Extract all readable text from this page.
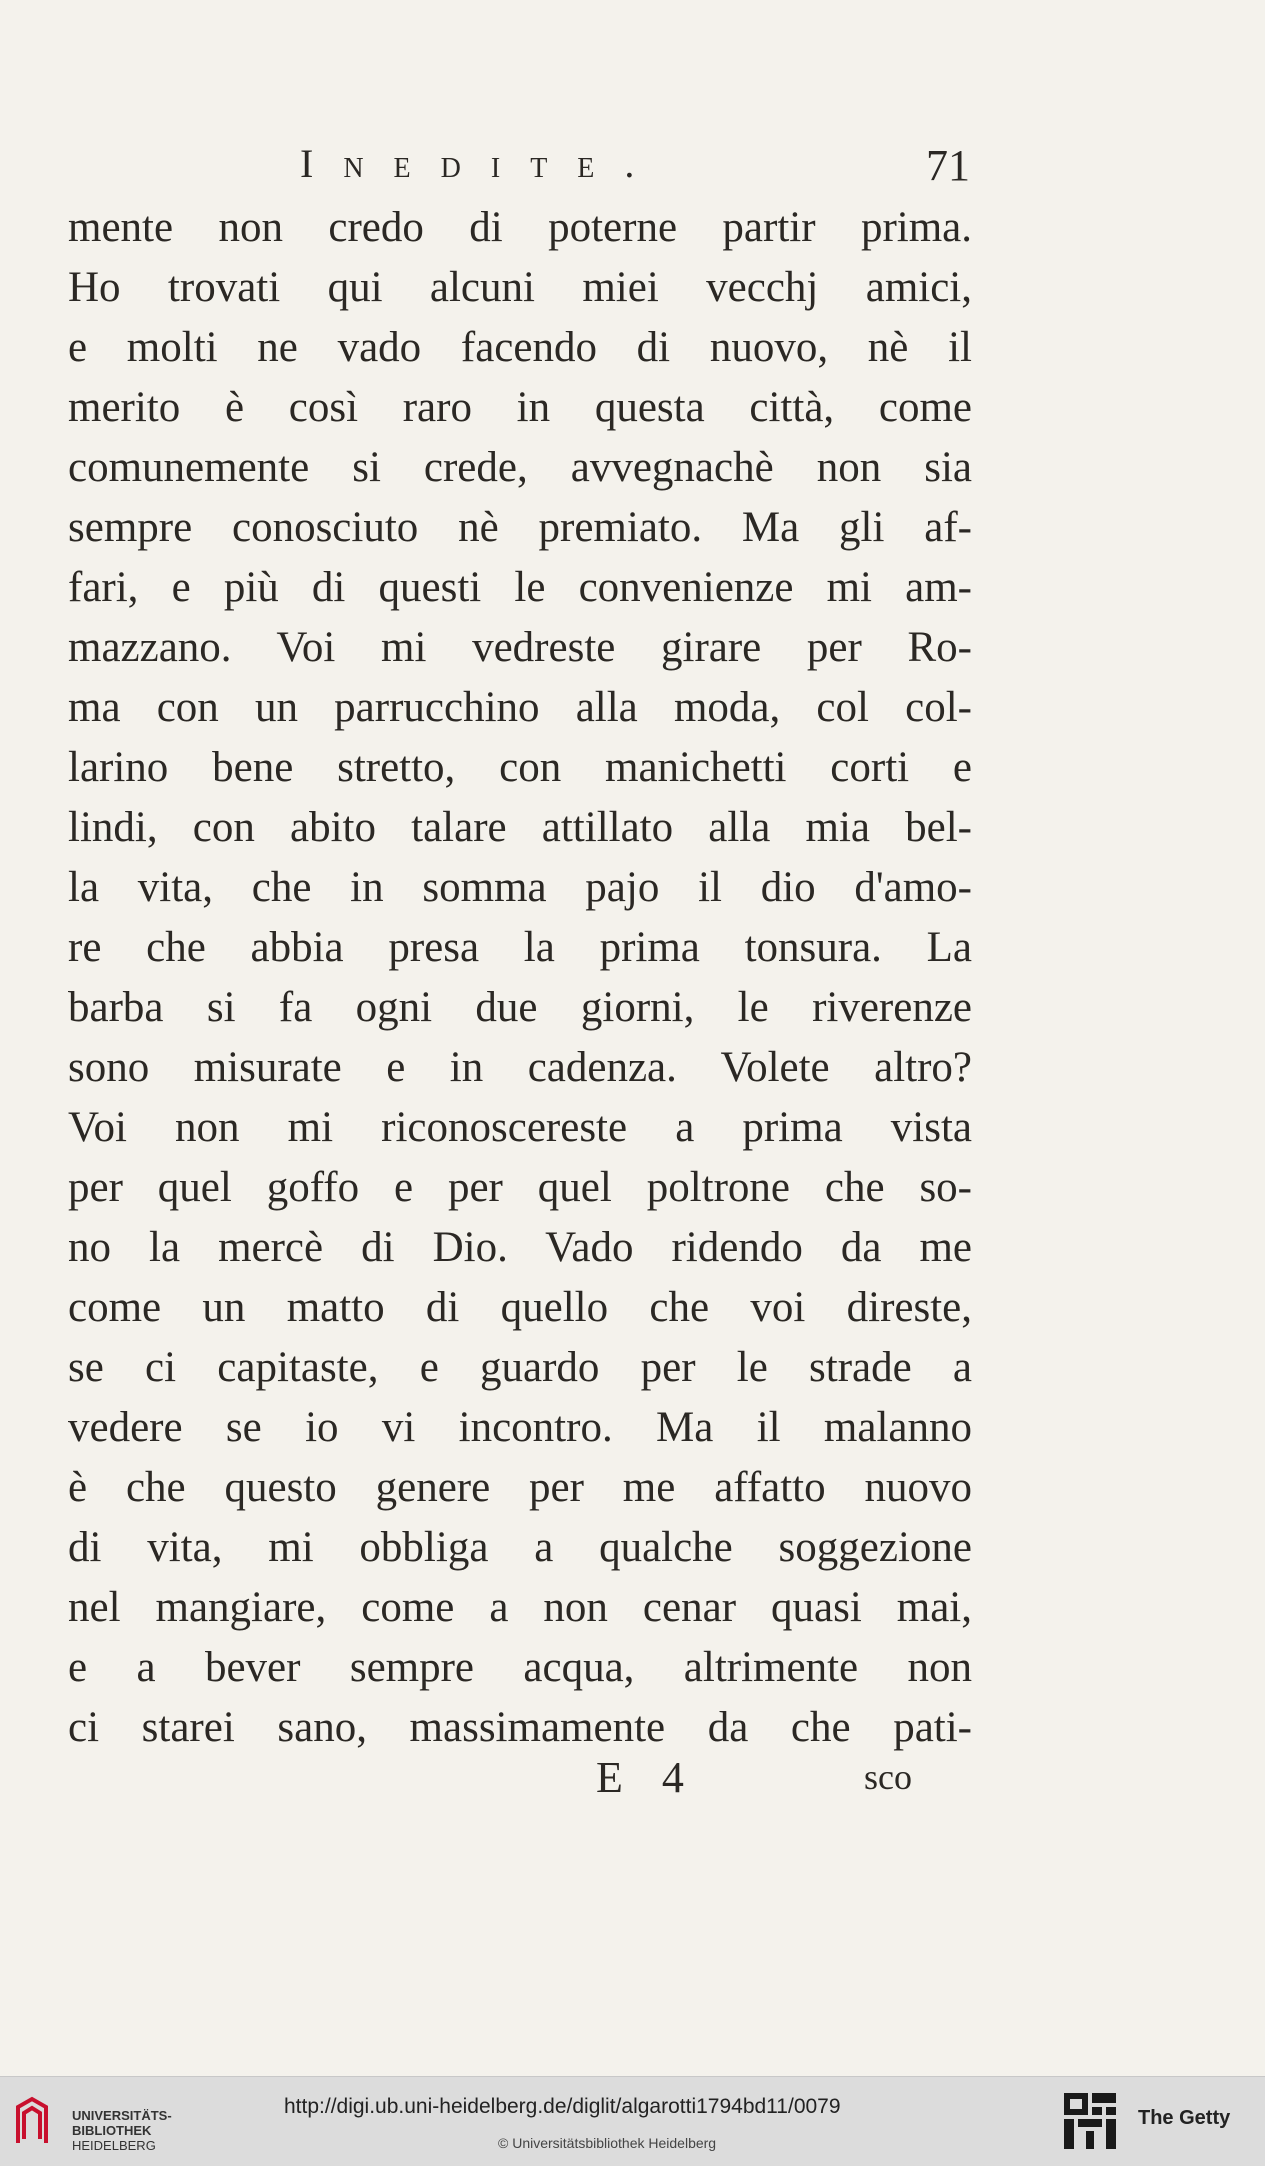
Inedite.	71
mente non credo di poterne partir prima.
Ho trovati qui alcuni miei vecchj amici,
e molti ne vado facendo di nuovo, nè il
merito è così raro in questa città, come
comunemente si crede, avvegnachè non sia
sempre conosciuto nè premiato. Ma gli af-
fari, e più di questi le convenienze mi am-
mazzano. Voi mi vedreste girare per Ro-
ma con un parrucchino alla moda, col col-
larino bene stretto, con manichetti corti e
lindi, con abito talare attillato alla mia bel-
la vita, che in somma pajo il dio d'amo-
re che abbia presa la prima tonsura. La
barba si fa ogni due giorni, le riverenze
sono misurate e in cadenza. Volete altro?
Voi non mi riconoscereste a prima vista
per quel goffo e per quel poltrone che so-
no la mercè di Dio. Vado ridendo da me
come un matto di quello che voi direste,
se ci capitaste, e guardo per le strade a
vedere se io vi incontro. Ma il malanno
è che questo genere per me affatto nuovo
di vita, mi obbliga a qualche soggezione
nel mangiare, come a non cenar quasi mai,
e a bever sempre acqua, altrimente non
ci starei sano, massimamente da che pati-
E 4	sco
UNIVERSITÄTS-
BIBLIOTHEK
HEIDELBERG
http://digi.ub.uni-heidelberg.de/diglit/algarotti1794bd11/0079
© Universitätsbibliothek Heidelberg
The Getty
